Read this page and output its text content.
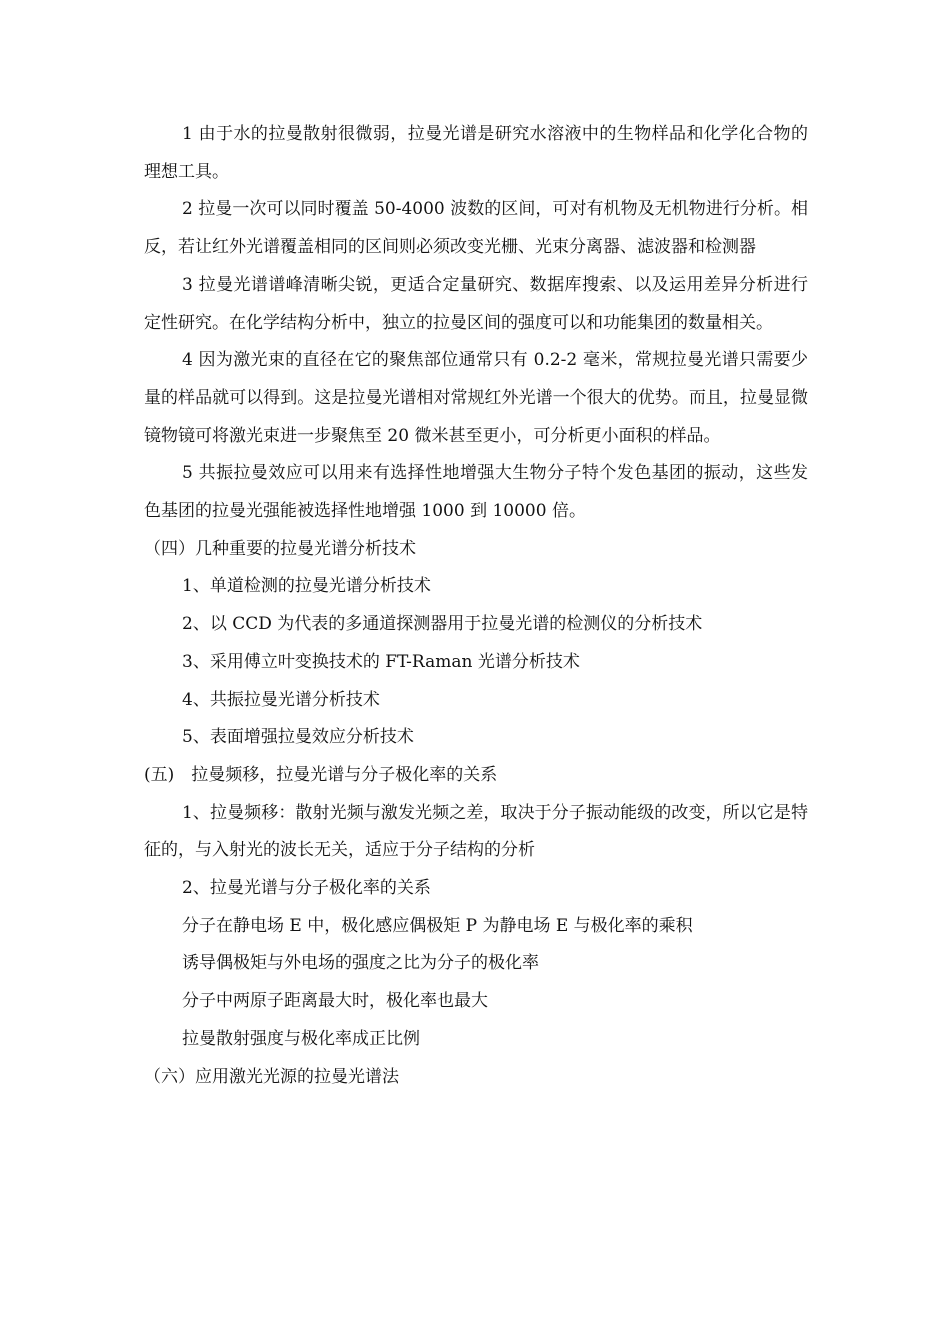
1 由于水的拉曼散射很微弱，拉曼光谱是研究水溶液中的生物样品和化学化合物的理想工具。

2 拉曼一次可以同时覆盖 50-4000 波数的区间，可对有机物及无机物进行分析。相反，若让红外光谱覆盖相同的区间则必须改变光栅、光束分离器、滤波器和检测器

3 拉曼光谱谱峰清晰尖锐，更适合定量研究、数据库搜索、以及运用差异分析进行定性研究。在化学结构分析中，独立的拉曼区间的强度可以和功能集团的数量相关。

4 因为激光束的直径在它的聚焦部位通常只有 0.2-2 毫米，常规拉曼光谱只需要少量的样品就可以得到。这是拉曼光谱相对常规红外光谱一个很大的优势。而且，拉曼显微镜物镜可将激光束进一步聚焦至 20 微米甚至更小，可分析更小面积的样品。

5 共振拉曼效应可以用来有选择性地增强大生物分子特个发色基团的振动，这些发色基团的拉曼光强能被选择性地增强 1000 到 10000 倍。

（四）几种重要的拉曼光谱分析技术

1、单道检测的拉曼光谱分析技术

2、以 CCD 为代表的多通道探测器用于拉曼光谱的检测仪的分析技术

3、采用傅立叶变换技术的 FT-Raman 光谱分析技术

4、共振拉曼光谱分析技术

5、表面增强拉曼效应分析技术

(五)　拉曼频移，拉曼光谱与分子极化率的关系

1、拉曼频移：散射光频与激发光频之差，取决于分子振动能级的改变，所以它是特征的，与入射光的波长无关，适应于分子结构的分析

2、拉曼光谱与分子极化率的关系

分子在静电场 E 中，极化感应偶极矩 P 为静电场 E 与极化率的乘积

诱导偶极矩与外电场的强度之比为分子的极化率

分子中两原子距离最大时，极化率也最大

拉曼散射强度与极化率成正比例

（六）应用激光光源的拉曼光谱法
